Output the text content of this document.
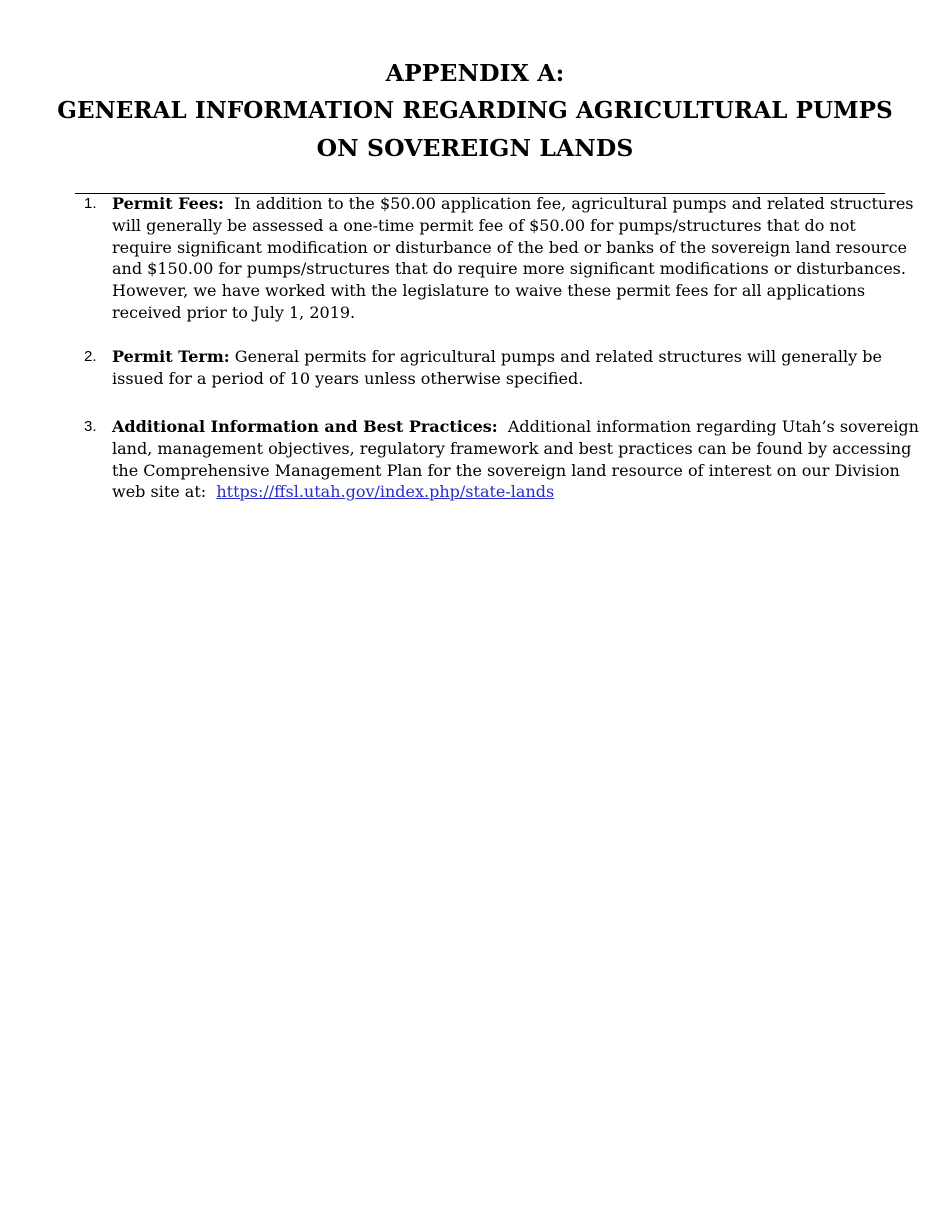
APPENDIX A:
GENERAL INFORMATION REGARDING AGRICULTURAL PUMPS
ON SOVEREIGN LANDS
1. Permit Fees:  In addition to the $50.00 application fee, agricultural pumps and related structures
will generally be assessed a one-time permit fee of $50.00 for pumps/structures that do not
require significant modification or disturbance of the bed or banks of the sovereign land resource
and $150.00 for pumps/structures that do require more significant modifications or disturbances.
However, we have worked with the legislature to waive these permit fees for all applications
received prior to July 1, 2019.
2. Permit Term: General permits for agricultural pumps and related structures will generally be
issued for a period of 10 years unless otherwise specified.
3. Additional Information and Best Practices:  Additional information regarding Utah’s sovereign
land, management objectives, regulatory framework and best practices can be found by accessing
the Comprehensive Management Plan for the sovereign land resource of interest on our Division
web site at:  https://ffsl.utah.gov/index.php/state-lands
